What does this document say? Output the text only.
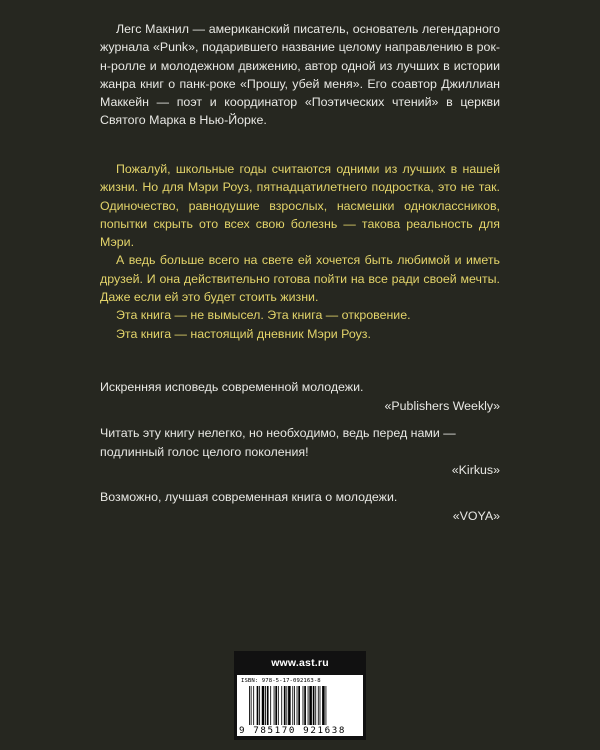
Легс Макнил — американский писатель, основатель легендарного журнала «Punk», подарившего название целому направлению в рок-н-ролле и молодежном движению, автор одной из лучших в истории жанра книг о панк-роке «Прошу, убей меня». Его соавтор Джиллиан Маккейн — поэт и координатор «Поэтических чтений» в церкви Святого Марка в Нью-Йорке.

Пожалуй, школьные годы считаются одними из лучших в нашей жизни. Но для Мэри Роуз, пятнадцатилетнего подростка, это не так. Одиночество, равнодушие взрослых, насмешки одноклассников, попытки скрыть ото всех свою болезнь — такова реальность для Мэри.

А ведь больше всего на свете ей хочется быть любимой и иметь друзей. И она действительно готова пойти на все ради своей мечты. Даже если ей это будет стоить жизни.

Эта книга — не вымысел. Эта книга — откровение.

Эта книга — настоящий дневник Мэри Роуз.

Искренняя исповедь современной молодежи.

«Publishers Weekly»

Читать эту книгу нелегко, но необходимо, ведь перед нами — подлинный голос целого поколения!

«Kirkus»

Возможно, лучшая современная книга о молодежи.

«VOYA»
www.ast.ru
ISBN: 978-5-17-092163-8
9 785170 921638
